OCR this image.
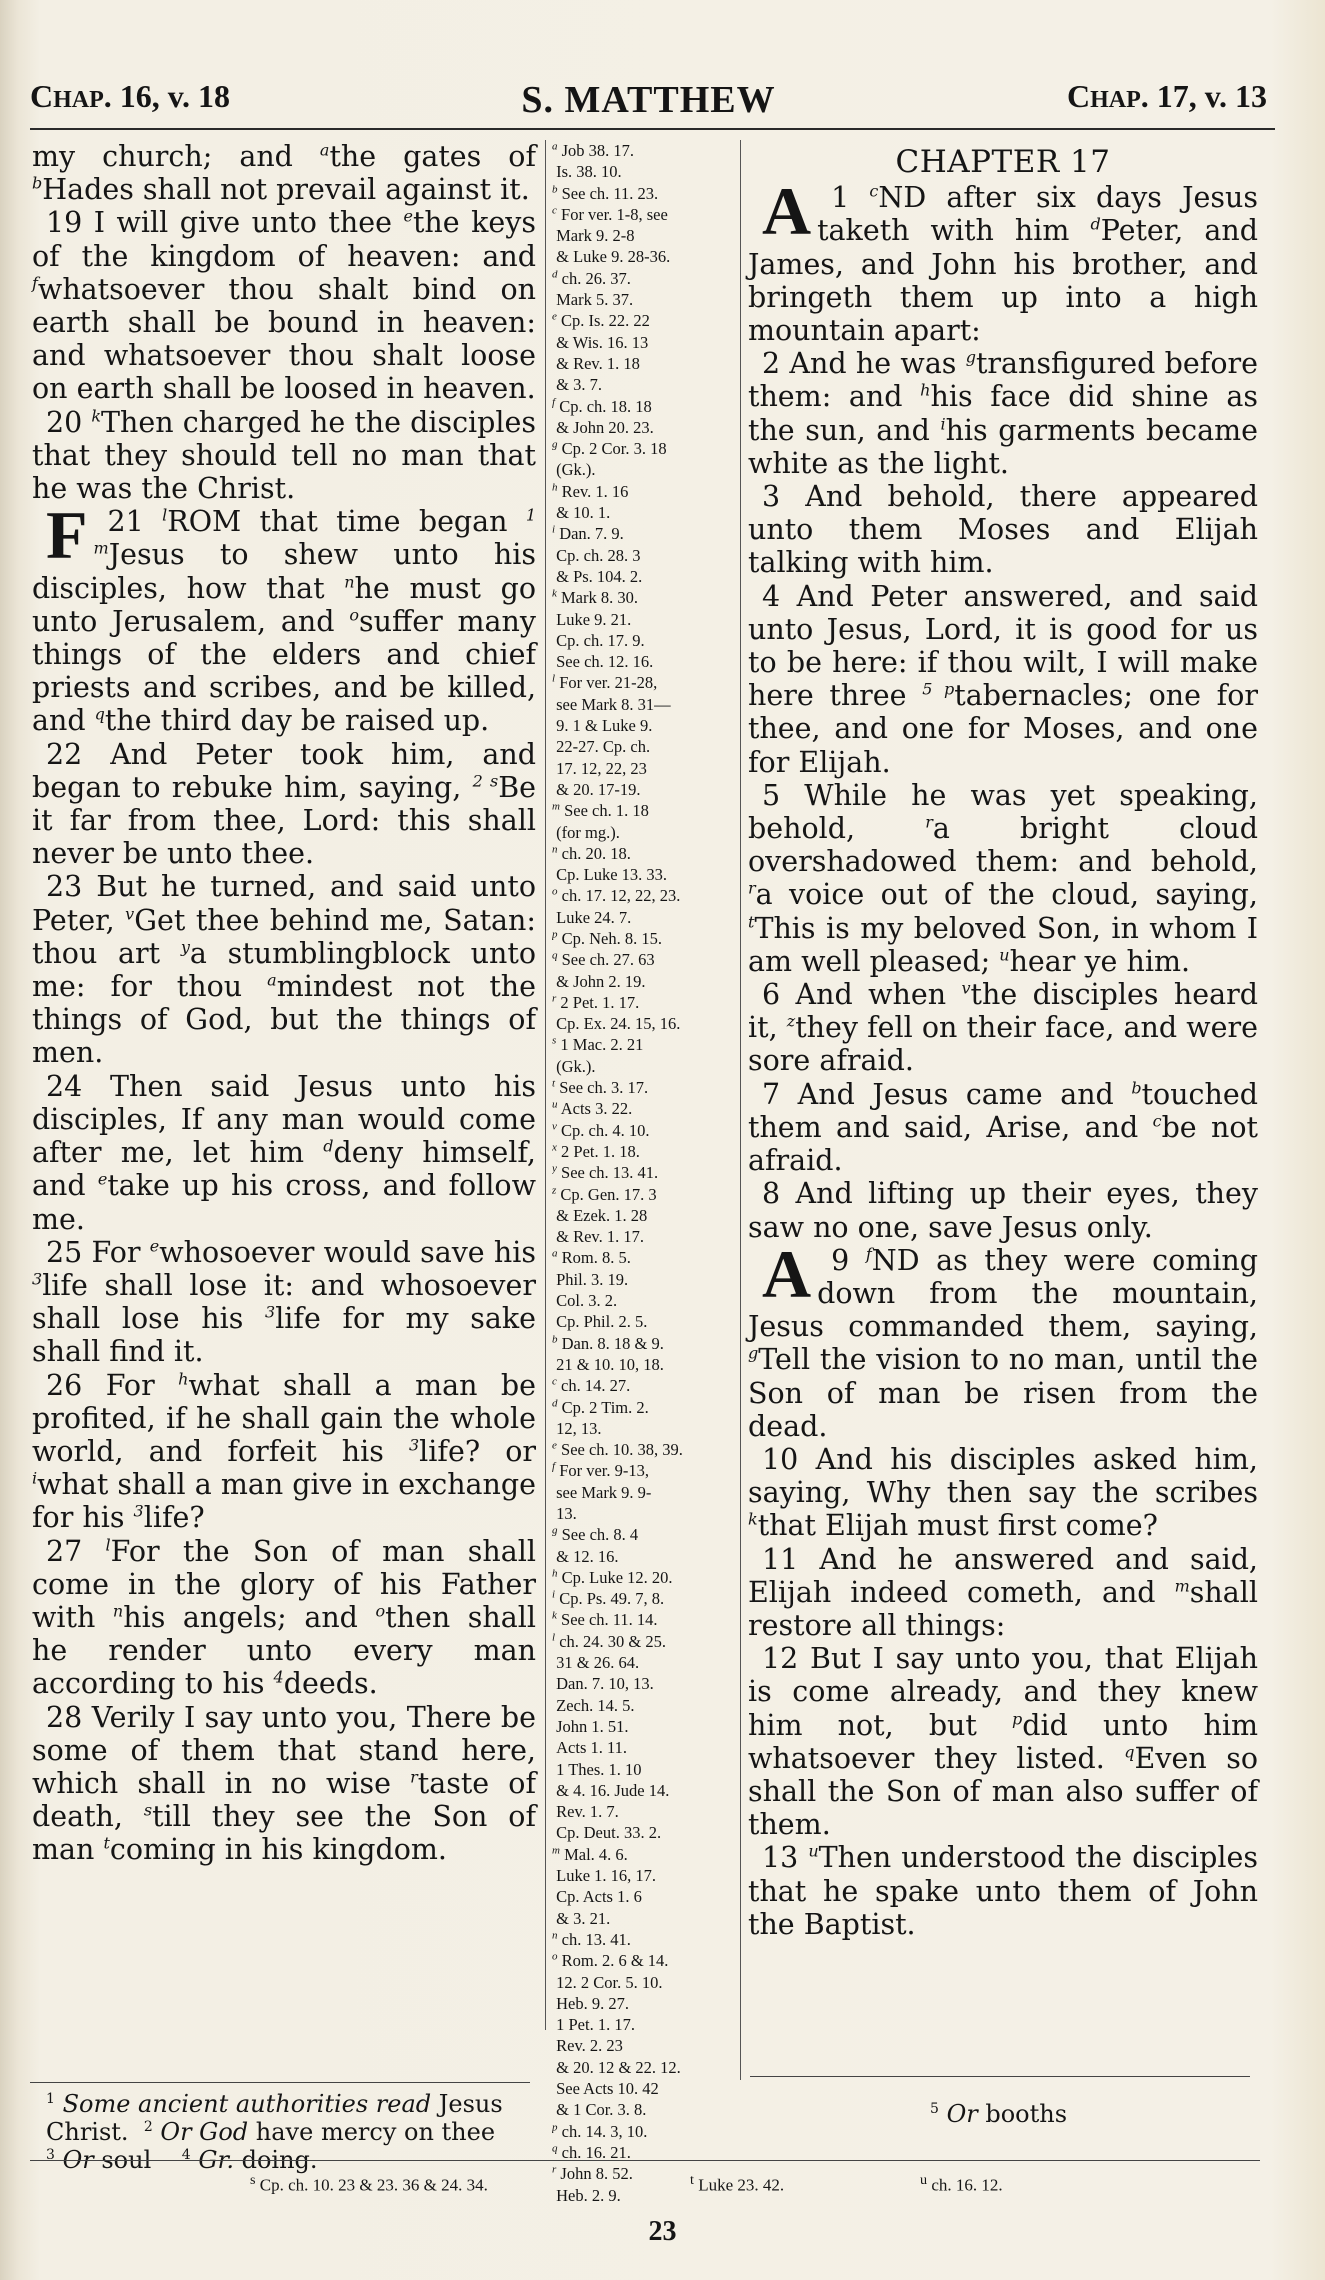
CHAP. 16, v. 18	S. MATTHEW	CHAP. 17, v. 13

my church; and $^a$the gates of $^b$Hades shall not prevail against it.

19 I will give unto thee $^e$the keys of the kingdom of heaven: and $^f$whatsoever thou shalt bind on earth shall be bound in heaven: and whatsoever thou shalt loose on earth shall be loosed in heaven.

20 $^k$Then charged he the disciples that they should tell no man that he was the Christ.

21 $^l$
F	ROM that time began $^{1 m}$Jesus to shew unto his disciples, how that $^n$he must go unto Jerusalem, and $^o$suffer many things of the elders and chief priests and scribes, and be killed, and $^q$the third day be raised up.

22 And Peter took him, and began to rebuke him, saying, $^{2 s}$Be it far from thee, Lord: this shall never be unto thee.

23 But he turned, and said unto Peter, $^v$Get thee behind me, Satan: thou art $^y$a stumblingblock unto me: for thou $^a$mindest not the things of God, but the things of men.

24 Then said Jesus unto his disciples, If any man would come after me, let him $^d$deny himself, and $^e$take up his cross, and follow me.

25 For $^e$whosoever would save his $^3$life shall lose it: and whosoever shall lose his $^3$life for my sake shall find it.

26 For $^h$what shall a man be profited, if he shall gain the whole world, and forfeit his $^3$life? or $^i$what shall a man give in exchange for his $^3$life?

27 $^l$For the Son of man shall come in the glory of his Father with $^n$his angels; and $^o$then shall he render unto every man according to his $^4$deeds.

28 Verily I say unto you, There be some of them that stand here, which shall in no wise $^r$taste of death, $^s$till they see the Son of man $^t$coming in his kingdom.

$^a$ Job 38. 17.
Is. 38. 10.
$^b$ See ch. 11. 23.
$^c$ For ver. 1-8, see
Mark 9. 2-8
& Luke 9. 28-36.
$^d$ ch. 26. 37.
Mark 5. 37.
$^e$ Cp. Is. 22. 22
& Wis. 16. 13
& Rev. 1. 18
& 3. 7.
$^f$ Cp. ch. 18. 18
& John 20. 23.
$^g$ Cp. 2 Cor. 3. 18
(Gk.).
$^h$ Rev. 1. 16
& 10. 1.
$^i$ Dan. 7. 9.
Cp. ch. 28. 3
& Ps. 104. 2.
$^k$ Mark 8. 30.
Luke 9. 21.
Cp. ch. 17. 9.
See ch. 12. 16.
$^l$ For ver. 21-28,
see Mark 8. 31—
9. 1 & Luke 9.
22-27. Cp. ch.
17. 12, 22, 23
& 20. 17-19.
$^m$ See ch. 1. 18
(for mg.).
$^n$ ch. 20. 18.
Cp. Luke 13. 33.
$^o$ ch. 17. 12, 22, 23.
Luke 24. 7.
$^p$ Cp. Neh. 8. 15.
$^q$ See ch. 27. 63
& John 2. 19.
$^r$ 2 Pet. 1. 17.
Cp. Ex. 24. 15, 16.
$^s$ 1 Mac. 2. 21
(Gk.).
$^t$ See ch. 3. 17.
$^u$ Acts 3. 22.
$^v$ Cp. ch. 4. 10.
$^x$ 2 Pet. 1. 18.
$^y$ See ch. 13. 41.
$^z$ Cp. Gen. 17. 3
& Ezek. 1. 28
& Rev. 1. 17.
$^a$ Rom. 8. 5.
Phil. 3. 19.
Col. 3. 2.
Cp. Phil. 2. 5.
$^b$ Dan. 8. 18 & 9.
21 & 10. 10, 18.
$^c$ ch. 14. 27.
$^d$ Cp. 2 Tim. 2.
12, 13.
$^e$ See ch. 10. 38, 39.
$^f$ For ver. 9-13,
see Mark 9. 9-
13.
$^g$ See ch. 8. 4
& 12. 16.
$^h$ Cp. Luke 12. 20.
$^i$ Cp. Ps. 49. 7, 8.
$^k$ See ch. 11. 14.
$^l$ ch. 24. 30 & 25.
31 & 26. 64.
Dan. 7. 10, 13.
Zech. 14. 5.
John 1. 51.
Acts 1. 11.
1 Thes. 1. 10
& 4. 16. Jude 14.
Rev. 1. 7.
Cp. Deut. 33. 2.
$^m$ Mal. 4. 6.
Luke 1. 16, 17.
Cp. Acts 1. 6
& 3. 21.
$^n$ ch. 13. 41.
$^o$ Rom. 2. 6 & 14.
12. 2 Cor. 5. 10.
Heb. 9. 27.
1 Pet. 1. 17.
Rev. 2. 23
& 20. 12 & 22. 12.
See Acts 10. 42
& 1 Cor. 3. 8.
$^p$ ch. 14. 3, 10.
$^q$ ch. 16. 21.
$^r$ John 8. 52.
Heb. 2. 9.
CHAPTER 17

1 $^c$
A ND after six days Jesus taketh with him $^d$Peter, and James, and John his brother, and bringeth them up into a high mountain apart:

2 And he was $^g$transfigured before them: and $^h$his face did shine as the sun, and $^i$his garments became white as the light.

3 And behold, there appeared unto them Moses and Elijah talking with him.

4 And Peter answered, and said unto Jesus, Lord, it is good for us to be here: if thou wilt, I will make here three $^{5 p}$tabernacles; one for thee, and one for Moses, and one for Elijah.

5 While he was yet speaking, behold, $^r$a bright cloud overshadowed them: and behold, $^r$a voice out of the cloud, saying, $^t$This is my beloved Son, in whom I am well pleased; $^u$hear ye him.

6 And when $^v$the disciples heard it, $^z$they fell on their face, and were sore afraid.

7 And Jesus came and $^b$touched them and said, Arise, and $^c$be not afraid.

8 And lifting up their eyes, they saw no one, save Jesus only.

9 $^f$
A ND as they were coming down from the mountain, Jesus commanded them, saying, $^g$Tell the vision to no man, until the Son of man be risen from the dead.

10 And his disciples asked him, saying, Why then say the scribes $^k$that Elijah must first come?

11 And he answered and said, Elijah indeed cometh, and $^m$shall restore all things:

12 But I say unto you, that Elijah is come already, and they knew him not, but $^p$did unto him whatsoever they listed. $^q$Even so shall the Son of man also suffer of them.

13 $^u$Then understood the disciples that he spake unto them of John the Baptist.

$^1$ Some ancient authorities read Jesus Christ.  $^2$ Or God have mercy on thee
$^3$ Or soul    $^4$ Gr. doing.
$^5$ Or booths
$^s$ Cp. ch. 10. 23 & 23. 36 & 24. 34.	$^t$ Luke 23. 42.	$^u$ ch. 16. 12.
23
